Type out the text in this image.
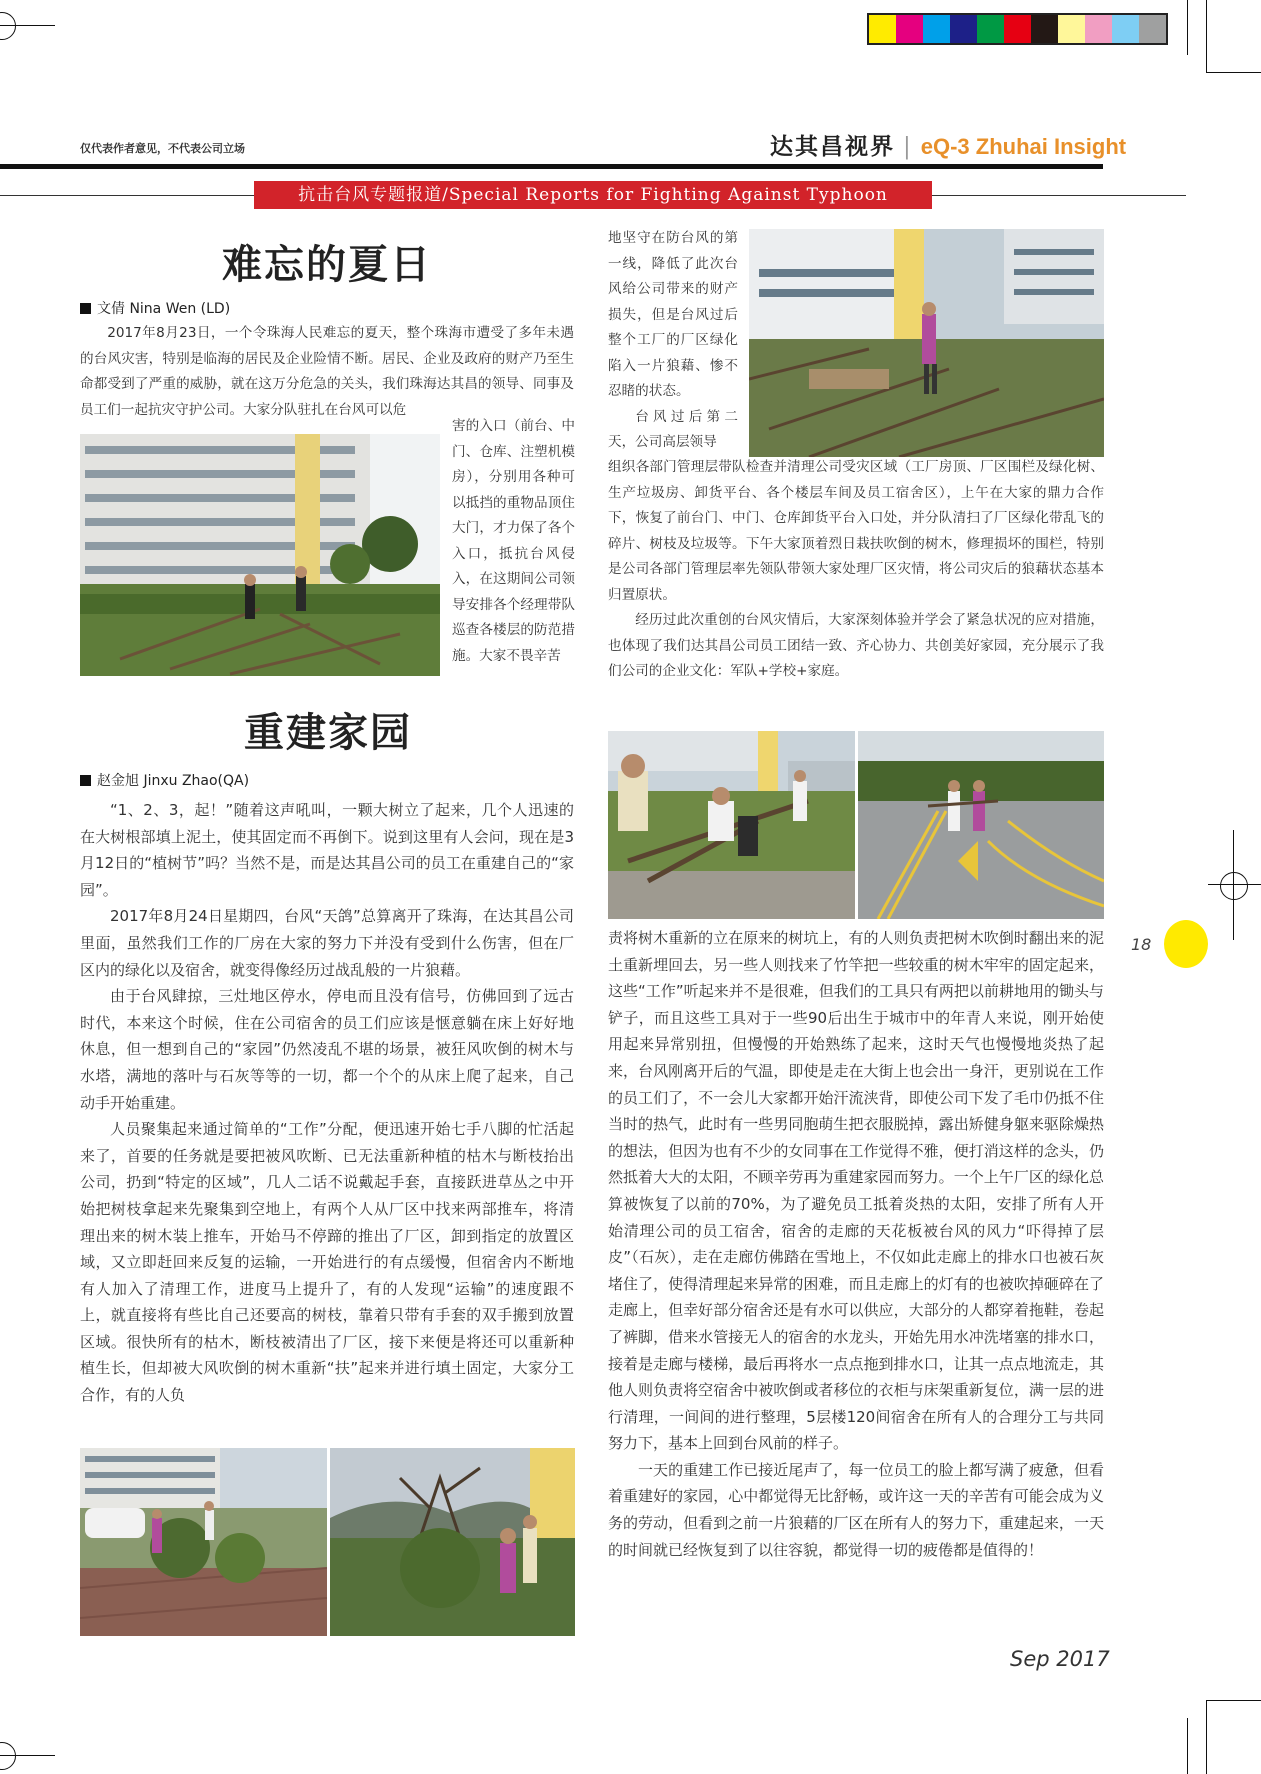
仅代表作者意见，不代表公司立场	达其昌视界 | eQ-3 Zhuhai Insight
抗击台风专题报道/Special Reports for Fighting Against Typhoon
难忘的夏日
文倩 Nina Wen (LD)

2017年8月23日，一个令珠海人民难忘的夏天，整个珠海市遭受了多年未遇的台风灾害，特别是临海的居民及企业险情不断。居民、企业及政府的财产乃至生命都受到了严重的威胁，就在这万分危急的关头，我们珠海达其昌的领导、同事及员工们一起抗灾守护公司。大家分队驻扎在台风可以危

害的入口（前台、中门、仓库、注塑机模房），分别用各种可以抵挡的重物品顶住大门，才力保了各个入口，抵抗台风侵入，在这期间公司领导安排各个经理带队巡查各楼层的防范措施。大家不畏辛苦

地坚守在防台风的第一线，降低了此次台风给公司带来的财产损失，但是台风过后整个工厂的厂区绿化陷入一片狼藉、惨不忍睹的状态。

台风过后第二天，公司高层领导

组织各部门管理层带队检查并清理公司受灾区域（工厂房顶、厂区围栏及绿化树、生产垃圾房、卸货平台、各个楼层车间及员工宿舍区），上午在大家的鼎力合作下，恢复了前台门、中门、仓库卸货平台入口处，并分队清扫了厂区绿化带乱飞的碎片、树枝及垃圾等。下午大家顶着烈日栽扶吹倒的树木，修理损坏的围栏，特别是公司各部门管理层率先领队带领大家处理厂区灾情，将公司灾后的狼藉状态基本归置原状。

经历过此次重创的台风灾情后，大家深刻体验并学会了紧急状况的应对措施，也体现了我们达其昌公司员工团结一致、齐心协力、共创美好家园，充分展示了我们公司的企业文化：军队+学校+家庭。

重建家园
赵金旭 Jinxu Zhao(QA)

“1、2、3，起！”随着这声吼叫，一颗大树立了起来，几个人迅速的在大树根部填上泥土，使其固定而不再倒下。说到这里有人会问，现在是3月12日的“植树节”吗？当然不是，而是达其昌公司的员工在重建自己的“家园”。

2017年8月24日星期四，台风“天鸽”总算离开了珠海，在达其昌公司里面，虽然我们工作的厂房在大家的努力下并没有受到什么伤害，但在厂区内的绿化以及宿舍，就变得像经历过战乱般的一片狼藉。

由于台风肆掠，三灶地区停水，停电而且没有信号，仿佛回到了远古时代，本来这个时候，住在公司宿舍的员工们应该是惬意躺在床上好好地休息，但一想到自己的“家园”仍然凌乱不堪的场景，被狂风吹倒的树木与水塔，满地的落叶与石灰等等的一切，都一个个的从床上爬了起来，自己动手开始重建。

人员聚集起来通过简单的“工作”分配，便迅速开始七手八脚的忙活起来了，首要的任务就是要把被风吹断、已无法重新种植的枯木与断枝抬出公司，扔到“特定的区域”，几人二话不说戴起手套，直接跃进草丛之中开始把树枝拿起来先聚集到空地上，有两个人从厂区中找来两部推车，将清理出来的树木装上推车，开始马不停蹄的推出了厂区，卸到指定的放置区域，又立即赶回来反复的运输，一开始进行的有点缓慢，但宿舍内不断地有人加入了清理工作，进度马上提升了，有的人发现“运输”的速度跟不上，就直接将有些比自己还要高的树枝，靠着只带有手套的双手搬到放置区域。很快所有的枯木，断枝被清出了厂区，接下来便是将还可以重新种植生长，但却被大风吹倒的树木重新“扶”起来并进行填土固定，大家分工合作，有的人负

责将树木重新的立在原来的树坑上，有的人则负责把树木吹倒时翻出来的泥土重新埋回去，另一些人则找来了竹竿把一些较重的树木牢牢的固定起来，这些“工作”听起来并不是很难，但我们的工具只有两把以前耕地用的锄头与铲子，而且这些工具对于一些90后出生于城市中的年青人来说，刚开始使用起来异常别扭，但慢慢的开始熟练了起来，这时天气也慢慢地炎热了起来，台风刚离开后的气温，即使是走在大街上也会出一身汗，更别说在工作的员工们了，不一会儿大家都开始汗流浃背，即使公司下发了毛巾仍抵不住当时的热气，此时有一些男同胞萌生把衣服脱掉，露出矫健身躯来驱除燥热的想法，但因为也有不少的女同事在工作觉得不雅，便打消这样的念头，仍然抵着大大的太阳，不顾辛劳再为重建家园而努力。一个上午厂区的绿化总算被恢复了以前的70%，为了避免员工抵着炎热的太阳，安排了所有人开始清理公司的员工宿舍，宿舍的走廊的天花板被台风的风力“吓得掉了层皮”（石灰），走在走廊仿佛踏在雪地上，不仅如此走廊上的排水口也被石灰堵住了，使得清理起来异常的困难，而且走廊上的灯有的也被吹掉砸碎在了走廊上，但幸好部分宿舍还是有水可以供应，大部分的人都穿着拖鞋，卷起了裤脚，借来水管接无人的宿舍的水龙头，开始先用水冲洗堵塞的排水口，接着是走廊与楼梯，最后再将水一点点拖到排水口，让其一点点地流走，其他人则负责将空宿舍中被吹倒或者移位的衣柜与床架重新复位，满一层的进行清理，一间间的进行整理，5层楼120间宿舍在所有人的合理分工与共同努力下，基本上回到台风前的样子。

一天的重建工作已接近尾声了，每一位员工的脸上都写满了疲惫，但看着重建好的家园，心中都觉得无比舒畅，或许这一天的辛苦有可能会成为义务的劳动，但看到之前一片狼藉的厂区在所有人的努力下，重建起来，一天的时间就已经恢复到了以往容貌，都觉得一切的疲倦都是值得的！

18
Sep 2017
